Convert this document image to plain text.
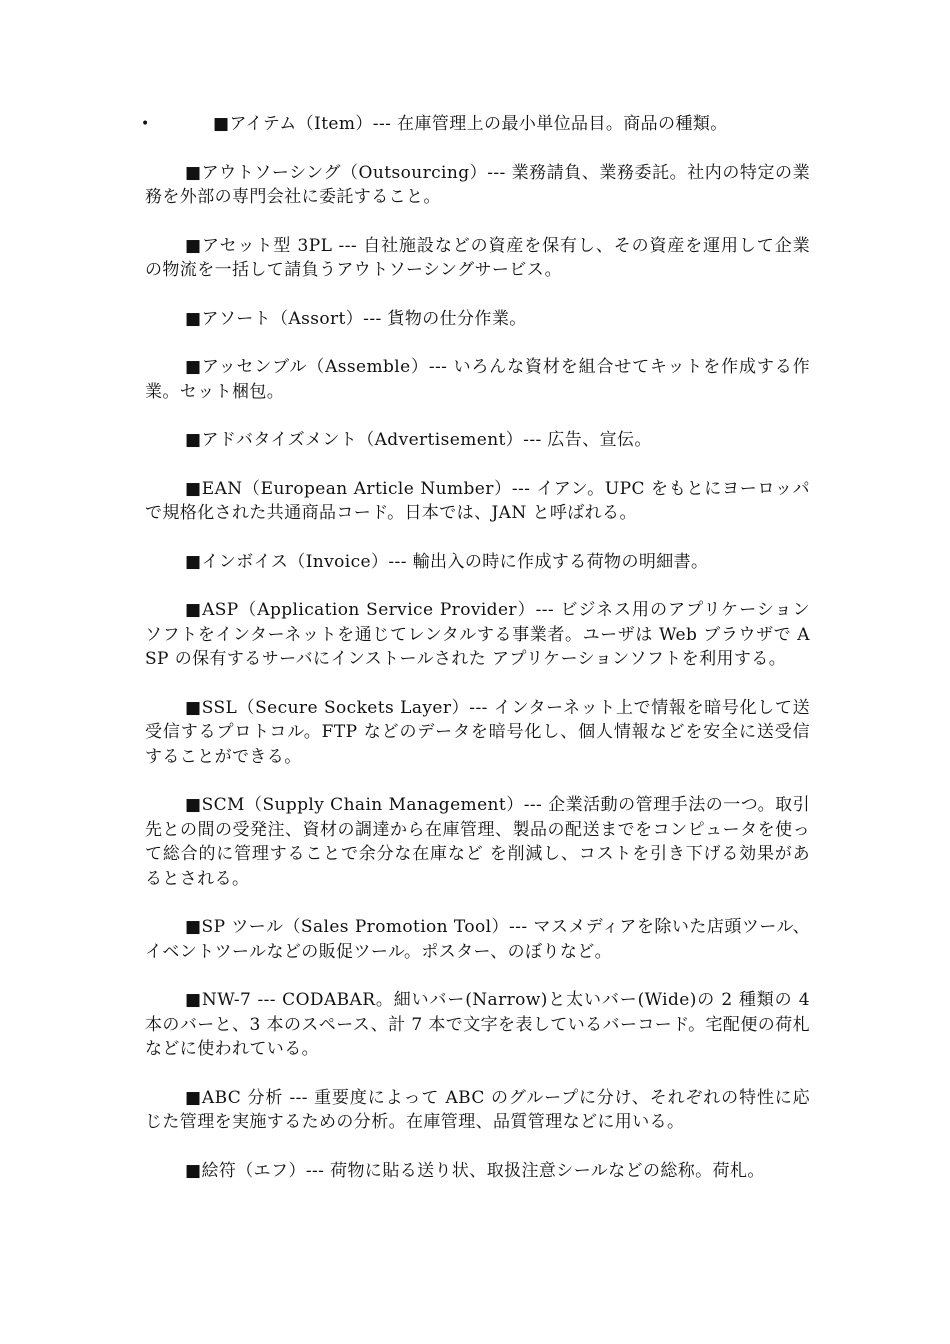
•	■アイテム（Item）--- 在庫管理上の最小単位品目。商品の種類。

■アウトソーシング（Outsourcing）--- 業務請負、業務委託。社内の特定の業務を外部の専門会社に委託すること。

■アセット型 3PL --- 自社施設などの資産を保有し、その資産を運用して企業の物流を一括して請負うアウトソーシングサービス。

■アソート（Assort）--- 貨物の仕分作業。

■アッセンブル（Assemble）--- いろんな資材を組合せてキットを作成する作業。セット梱包。

■アドバタイズメント（Advertisement）--- 広告、宣伝。

■EAN（European Article Number）--- イアン。UPC をもとにヨーロッパで規格化された共通商品コード。日本では、JAN と呼ばれる。

■インボイス（Invoice）--- 輸出入の時に作成する荷物の明細書。

■ASP（Application Service Provider）--- ビジネス用のアプリケーションソフトをインターネットを通じてレンタルする事業者。ユーザは Web ブラウザで ASP の保有するサーバにインストールされた アプリケーションソフトを利用する。

■SSL（Secure Sockets Layer）--- インターネット上で情報を暗号化して送受信するプロトコル。FTP などのデータを暗号化し、個人情報などを安全に送受信することができる。

■SCM（Supply Chain Management）--- 企業活動の管理手法の一つ。取引先との間の受発注、資材の調達から在庫管理、製品の配送までをコンピュータを使って総合的に管理することで余分な在庫など を削減し、コストを引き下げる効果があるとされる。

■SP ツール（Sales Promotion Tool）--- マスメディアを除いた店頭ツール、イベントツールなどの販促ツール。ポスター、のぼりなど。

■NW-7 --- CODABAR。細いバー(Narrow)と太いバー(Wide)の 2 種類の 4 本のバーと、3 本のスペース、計 7 本で文字を表しているバーコード。宅配便の荷札などに使われている。

■ABC 分析 --- 重要度によって ABC のグループに分け、それぞれの特性に応じた管理を実施するための分析。在庫管理、品質管理などに用いる。

■絵符（エフ）--- 荷物に貼る送り状、取扱注意シールなどの総称。荷札。
